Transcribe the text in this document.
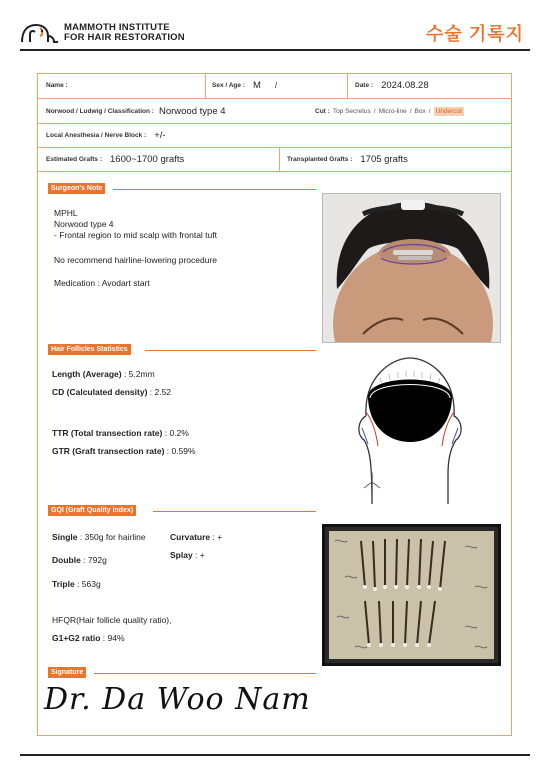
MAMMOTH INSTITUTE
FOR HAIR RESTORATION	수술 기록지
Name :	Sex / Age : M /	Date : 2024.08.28
Norwood / Ludwig / Classification : Norwood type 4	Cut : Top Secretus / Micro-line / Box / Undercut
Local Anesthesia / Nerve Block : +/-
Estimated Grafts : 1600~1700 grafts	Transplanted Grafts : 1705 grafts
Surgeon's Note
MPHL
Norwood type 4
- Frontal region to mid scalp with frontal tuft
No recommend hairline-lowering procedure
Medication : Avodart start
Hair Follicles Statistics
Length (Average) : 5.2mm
CD (Calculated density) : 2.52
TTR (Total transection rate) : 0.2%
GTR (Graft transection rate) : 0.59%
GQI (Graft Quality index)
Single : 350g for hairline	Curvature : +
Splay : +
Double : 792g
Triple : 563g
HFQR(Hair follicle quality ratio),
G1+G2 ratio : 94%
Signature
Dr. Da Woo Nam
